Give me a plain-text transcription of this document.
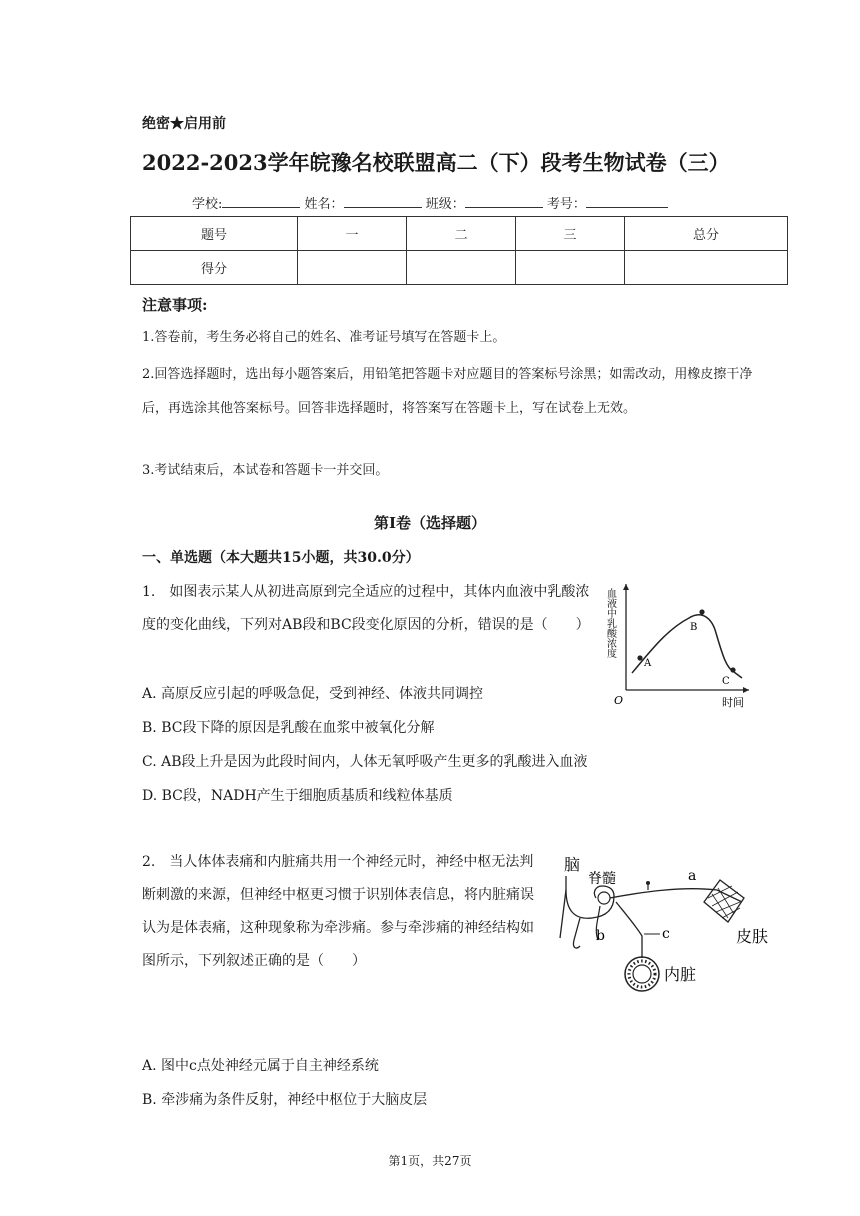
绝密★启用前
2022-2023学年皖豫名校联盟高二（下）段考生物试卷（三）
学校:	姓名：	班级：	考号：
题号	一	二	三	总分
得分				
注意事项:
1.答卷前，考生务必将自己的姓名、准考证号填写在答题卡上。
2.回答选择题时，选出每小题答案后，用铅笔把答题卡对应题目的答案标号涂黑；如需改动，用橡皮擦干净后，再选涂其他答案标号。回答非选择题时，将答案写在答题卡上，写在试卷上无效。
3.考试结束后，本试卷和答题卡一并交回。
第I卷（选择题）
一、单选题（本大题共15小题，共30.0分）
1.　如图表示某人从初进高原到完全适应的过程中，其体内血液中乳酸浓度的变化曲线，下列对AB段和BC段变化原因的分析，错误的是（　　）
A
B
C
O	时间
血液中乳酸浓度
A. 高原反应引起的呼吸急促，受到神经、体液共同调控
B. BC段下降的原因是乳酸在血浆中被氧化分解
C. AB段上升是因为此段时间内，人体无氧呼吸产生更多的乳酸进入血液
D. BC段，NADH产生于细胞质基质和线粒体基质
2.　当人体体表痛和内脏痛共用一个神经元时，神经中枢无法判断刺激的来源，但神经中枢更习惯于识别体表信息，将内脏痛误认为是体表痛，这种现象称为牵涉痛。参与牵涉痛的神经结构如图所示，下列叙述正确的是（　　）
脑
脊髓	a
b	c	皮肤
内脏
A. 图中c点处神经元属于自主神经系统
B. 牵涉痛为条件反射，神经中枢位于大脑皮层
第1页，共27页
